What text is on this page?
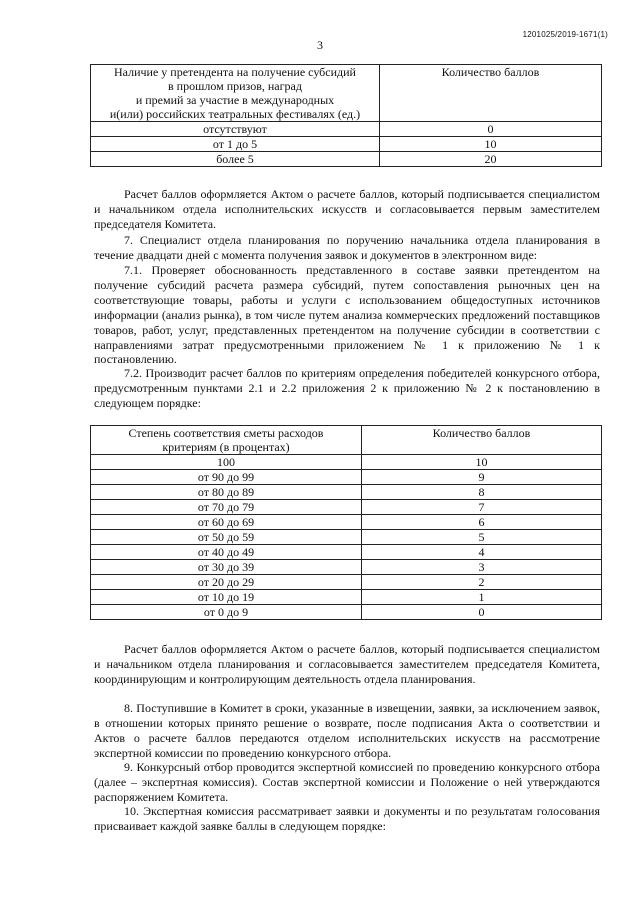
1201025/2019-1671(1)
3
Наличие у претендента на получение субсидий
в прошлом призов, наград
и премий за участие в международных
и(или) российских театральных фестивалях (ед.)	Количество баллов
отсутствуют	0
от 1 до 5	10
более 5	20

Расчет баллов оформляется Актом о расчете баллов, который подписывается специалистом и начальником отдела исполнительских искусств и согласовывается первым заместителем председателя Комитета.

7. Специалист отдела планирования по поручению начальника отдела планирования в течение двадцати дней с момента получения заявок и документов в электронном виде:

7.1. Проверяет обоснованность представленного в составе заявки претендентом на получение субсидий расчета размера субсидий, путем сопоставления рыночных цен на соответствующие товары, работы и услуги с использованием общедоступных источников информации (анализ рынка), в том числе путем анализа коммерческих предложений поставщиков товаров, работ, услуг, представленных претендентом на получение субсидии в соответствии с направлениями затрат предусмотренными приложением № 1 к приложению № 1 к постановлению.

7.2. Производит расчет баллов по критериям определения победителей конкурсного отбора, предусмотренным пунктами 2.1 и 2.2 приложения 2 к приложению № 2 к постановлению в следующем порядке:

Степень соответствия сметы расходов
критериям (в процентах)	Количество баллов
100	10
от 90 до 99	9
от 80 до 89	8
от 70 до 79	7
от 60 до 69	6
от 50 до 59	5
от 40 до 49	4
от 30 до 39	3
от 20 до 29	2
от 10 до 19	1
от 0 до 9	0

Расчет баллов оформляется Актом о расчете баллов, который подписывается специалистом и начальником отдела планирования и согласовывается заместителем председателя Комитета, координирующим и контролирующим деятельность отдела планирования.

8. Поступившие в Комитет в сроки, указанные в извещении, заявки, за исключением заявок, в отношении которых принято решение о возврате, после подписания Акта о соответствии и Актов о расчете баллов передаются отделом исполнительских искусств на рассмотрение экспертной комиссии по проведению конкурсного отбора.

9. Конкурсный отбор проводится экспертной комиссией по проведению конкурсного отбора (далее – экспертная комиссия). Состав экспертной комиссии и Положение о ней утверждаются распоряжением Комитета.

10. Экспертная комиссия рассматривает заявки и документы и по результатам голосования присваивает каждой заявке баллы в следующем порядке:
